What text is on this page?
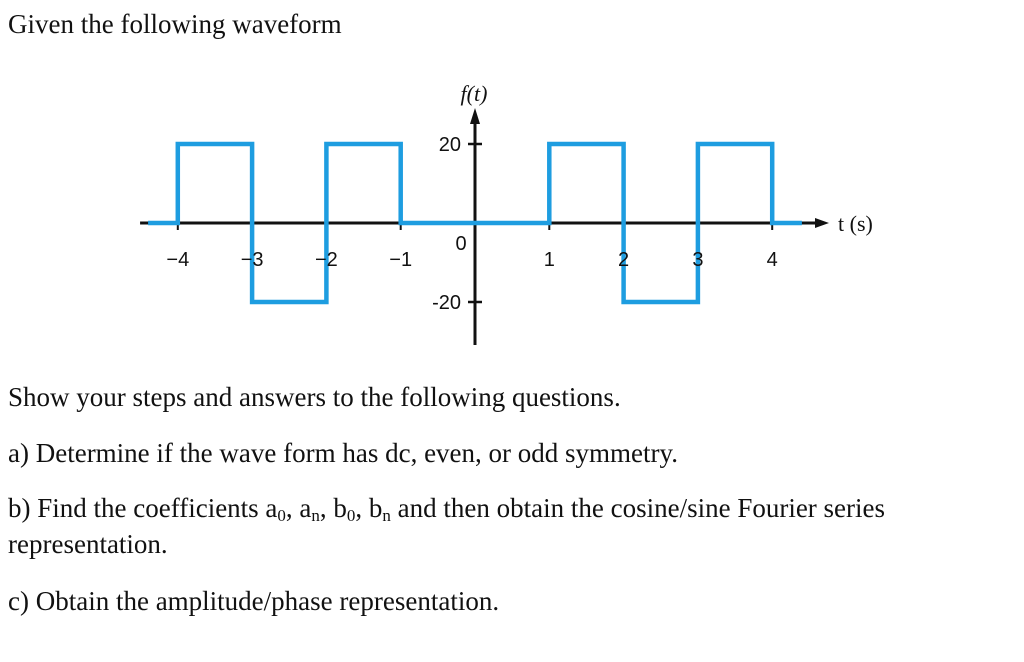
−4	−3	−2	−1
0
1	2	3	4
20
-20
f(t)
t (s)
Given the following waveform
Show your steps and answers to the following questions.
a) Determine if the wave form has dc, even, or odd symmetry.
b) Find the coefficients $a_0$, $a_n$, $b_0$, $b_n$ and then obtain the cosine/sine Fourier series
representation.
c) Obtain the amplitude/phase representation.
